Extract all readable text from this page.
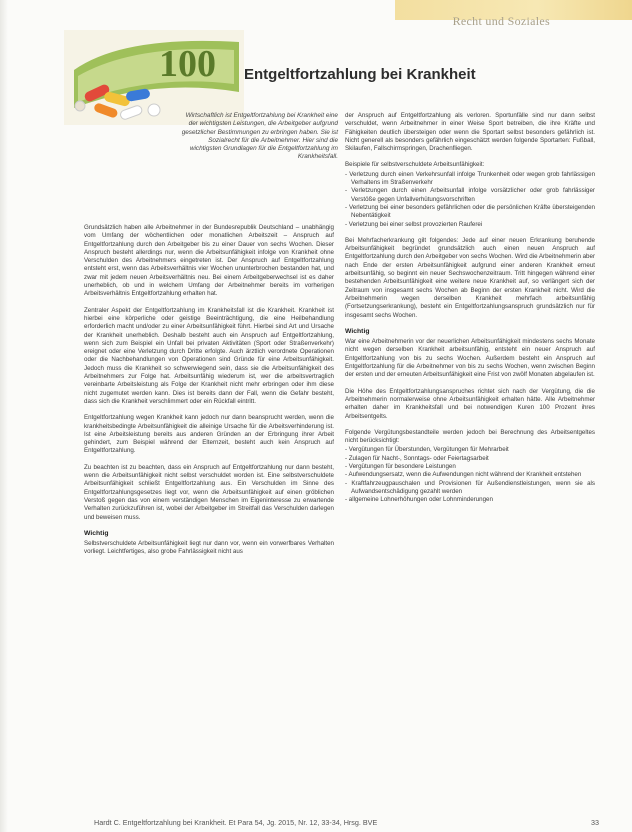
Recht und Soziales
100 Entgeltfortzahlung bei Krankheit
Wirtschaftlich ist Entgeltfortzahlung bei Krankheit eine der wichtigsten Leistungen, die Arbeitgeber aufgrund gesetzlicher Bestimmungen zu erbringen haben. Sie ist Sozialrecht für die Arbeitnehmer. Hier sind die wichtigsten Grundlagen für die Entgeltfortzahlung im Krankheitsfall.

Grundsätzlich haben alle Arbeitnehmer in der Bundesrepublik Deutschland – unabhängig vom Umfang der wöchentlichen oder monatlichen Arbeitszeit – Anspruch auf Entgeltfortzahlung durch den Arbeitgeber bis zu einer Dauer von sechs Wochen. Dieser Anspruch besteht allerdings nur, wenn die Arbeitsunfähigkeit infolge von Krankheit ohne Verschulden des Arbeitnehmers eingetreten ist. Der Anspruch auf Entgeltfortzahlung entsteht erst, wenn das Arbeitsverhältnis vier Wochen ununterbrochen bestanden hat, und zwar mit jedem neuen Arbeitsverhältnis neu. Bei einem Arbeitgeberwechsel ist es daher unerheblich, ob und in welchem Umfang der Arbeitnehmer bereits im vorherigen Arbeitsverhältnis Entgeltfortzahlung erhalten hat.

Zentraler Aspekt der Entgeltfortzahlung im Krankheitsfall ist die Krankheit. Krankheit ist hierbei eine körperliche oder geistige Beeinträchtigung, die eine Heilbehandlung erforderlich macht und/oder zu einer Arbeitsunfähigkeit führt. Hierbei sind Art und Ursache der Krankheit unerheblich. Deshalb besteht auch ein Anspruch auf Entgeltfortzahlung, wenn sich zum Beispiel ein Unfall bei privaten Aktivitäten (Sport oder Straßenverkehr) ereignet oder eine Verletzung durch Dritte erfolgte. Auch ärztlich verordnete Operationen oder die Nachbehandlungen von Operationen sind Gründe für eine Arbeitsunfähigkeit. Jedoch muss die Krankheit so schwerwiegend sein, dass sie die Arbeitsunfähigkeit des Arbeitnehmers zur Folge hat. Arbeitsunfähig wiederum ist, wer die arbeitsvertraglich vereinbarte Arbeitsleistung als Folge der Krankheit nicht mehr erbringen oder ihm diese nicht zugemutet werden kann. Dies ist bereits dann der Fall, wenn die Gefahr besteht, dass sich die Krankheit verschlimmert oder ein Rückfall eintritt.

Entgeltfortzahlung wegen Krankheit kann jedoch nur dann beansprucht werden, wenn die krankheitsbedingte Arbeitsunfähigkeit die alleinige Ursache für die Arbeitsverhinderung ist. Ist eine Arbeitsleistung bereits aus anderen Gründen an der Erbringung ihrer Arbeit gehindert, zum Beispiel während der Elternzeit, besteht auch kein Anspruch auf Entgeltfortzahlung.

Zu beachten ist zu beachten, dass ein Anspruch auf Entgeltfortzahlung nur dann besteht, wenn die Arbeitsunfähigkeit nicht selbst verschuldet worden ist. Eine selbstverschuldete Arbeitsunfähigkeit schließt Entgeltfortzahlung aus. Ein Verschulden im Sinne des Entgeltfortzahlungsgesetzes liegt vor, wenn die Arbeitsunfähigkeit auf einen gröblichen Verstoß gegen das von einem verständigen Menschen im Eigeninteresse zu erwartende Verhalten zurückzuführen ist, wobei der Arbeitgeber im Streitfall das Verschulden darlegen und beweisen muss.

Wichtig

Selbstverschuldete Arbeitsunfähigkeit liegt nur dann vor, wenn ein vorwerfbares Verhalten vorliegt. Leichtfertiges, also grobe Fahrlässigkeit nicht aus

der Anspruch auf Entgeltfortzahlung als verloren. Sportunfälle sind nur dann selbst verschuldet, wenn Arbeitnehmer in einer Weise Sport betreiben, die ihre Kräfte und Fähigkeiten deutlich übersteigen oder wenn die Sportart selbst besonders gefährlich ist. Nicht generell als besonders gefährlich eingeschätzt werden folgende Sportarten: Fußball, Skilaufen, Fallschirmspringen, Drachenfliegen.

Beispiele für selbstverschuldete Arbeitsunfähigkeit:

- Verletzung durch einen Verkehrsunfall infolge Trunkenheit oder wegen grob fahrlässigen Verhaltens im Straßenverkehr
- Verletzungen durch einen Arbeitsunfall infolge vorsätzlicher oder grob fahrlässiger Verstöße gegen Unfallverhütungsvorschriften
- Verletzung bei einer besonders gefährlichen oder die persönlichen Kräfte übersteigenden Nebentätigkeit
- Verletzung bei einer selbst provozierten Rauferei

Bei Mehrfacherkrankung gilt folgendes: Jede auf einer neuen Erkrankung beruhende Arbeitsunfähigkeit begründet grundsätzlich auch einen neuen Anspruch auf Entgeltfortzahlung durch den Arbeitgeber von sechs Wochen. Wird die Arbeitnehmerin aber nach Ende der ersten Arbeitsunfähigkeit aufgrund einer anderen Krankheit erneut arbeitsunfähig, so beginnt ein neuer Sechswochenzeitraum. Tritt hingegen während einer bestehenden Arbeitsunfähigkeit eine weitere neue Krankheit auf, so verlängert sich der Zeitraum von insgesamt sechs Wochen ab Beginn der ersten Krankheit nicht. Wird die Arbeitnehmerin wegen derselben Krankheit mehrfach arbeitsunfähig (Fortsetzungserkrankung), besteht ein Entgeltfortzahlungsanspruch grundsätzlich nur für insgesamt sechs Wochen.

Wichtig

War eine Arbeitnehmerin vor der neuerlichen Arbeitsunfähigkeit mindestens sechs Monate nicht wegen derselben Krankheit arbeitsunfähig, entsteht ein neuer Anspruch auf Entgeltfortzahlung von bis zu sechs Wochen. Außerdem besteht ein Anspruch auf Entgeltfortzahlung für die Arbeitnehmer von bis zu sechs Wochen, wenn zwischen Beginn der ersten und der erneuten Arbeitsunfähigkeit eine Frist von zwölf Monaten abgelaufen ist.

Die Höhe des Entgeltfortzahlungsanspruches richtet sich nach der Vergütung, die die Arbeitnehmerin normalerweise ohne Arbeitsunfähigkeit erhalten hätte. Alle Arbeitnehmer erhalten daher im Krankheitsfall und bei notwendigen Kuren 100 Prozent ihres Arbeitsentgelts.

Folgende Vergütungsbestandteile werden jedoch bei Berechnung des Arbeitsentgeltes nicht berücksichtigt:

- Vergütungen für Überstunden, Vergütungen für Mehrarbeit
- Zulagen für Nacht-, Sonntags- oder Feiertagsarbeit
- Vergütungen für besondere Leistungen
- Aufwendungsersatz, wenn die Aufwendungen nicht während der Krankheit entstehen
- Kraftfahrzeugpauschalen und Provisionen für Außendienstleistungen, wenn sie als Aufwandsentschädigung gezahlt werden
- allgemeine Lohnerhöhungen oder Lohnminderungen
Hardt C. Entgeltfortzahlung bei Krankheit. Et Para 54, Jg. 2015, Nr. 12, 33-34, Hrsg. BVE	33
